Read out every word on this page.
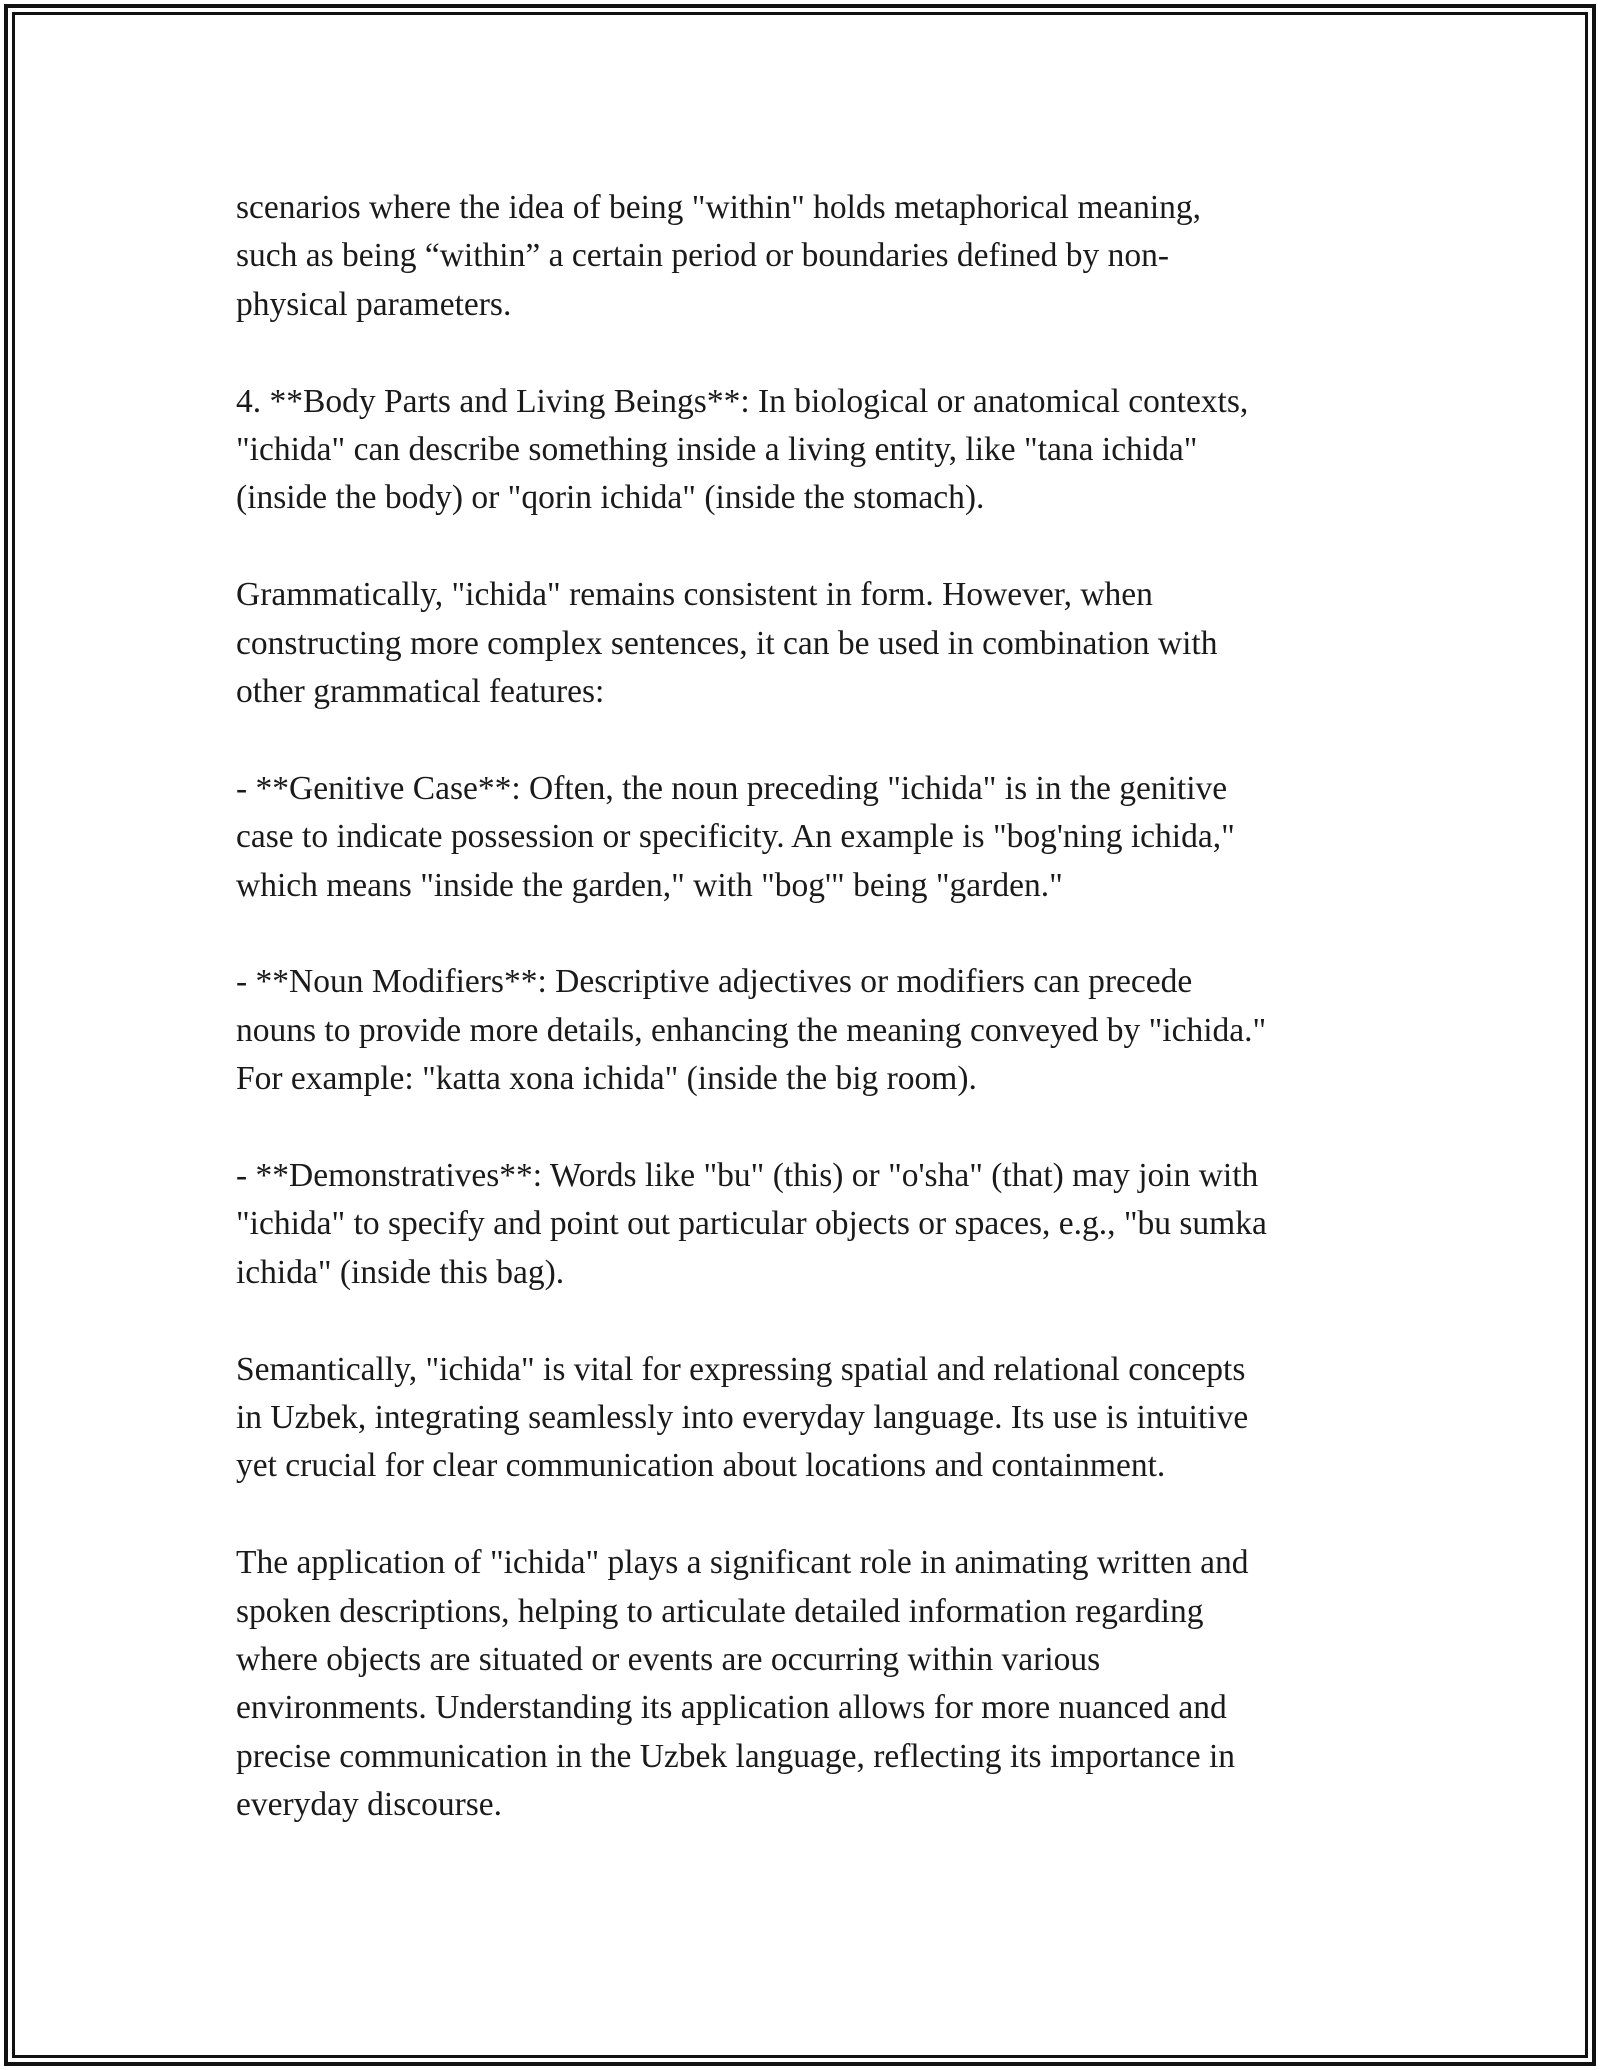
scenarios where the idea of being "within" holds metaphorical meaning,
such as being “within” a certain period or boundaries defined by non-
physical parameters.

4. **Body Parts and Living Beings**: In biological or anatomical contexts,
"ichida" can describe something inside a living entity, like "tana ichida"
(inside the body) or "qorin ichida" (inside the stomach).

Grammatically, "ichida" remains consistent in form. However, when
constructing more complex sentences, it can be used in combination with
other grammatical features:

- **Genitive Case**: Often, the noun preceding "ichida" is in the genitive
case to indicate possession or specificity. An example is "bog'ning ichida,"
which means "inside the garden," with "bog'" being "garden."

- **Noun Modifiers**: Descriptive adjectives or modifiers can precede
nouns to provide more details, enhancing the meaning conveyed by "ichida."
For example: "katta xona ichida" (inside the big room).

- **Demonstratives**: Words like "bu" (this) or "o'sha" (that) may join with
"ichida" to specify and point out particular objects or spaces, e.g., "bu sumka
ichida" (inside this bag).

Semantically, "ichida" is vital for expressing spatial and relational concepts
in Uzbek, integrating seamlessly into everyday language. Its use is intuitive
yet crucial for clear communication about locations and containment.

The application of "ichida" plays a significant role in animating written and
spoken descriptions, helping to articulate detailed information regarding
where objects are situated or events are occurring within various
environments. Understanding its application allows for more nuanced and
precise communication in the Uzbek language, reflecting its importance in
everyday discourse.
